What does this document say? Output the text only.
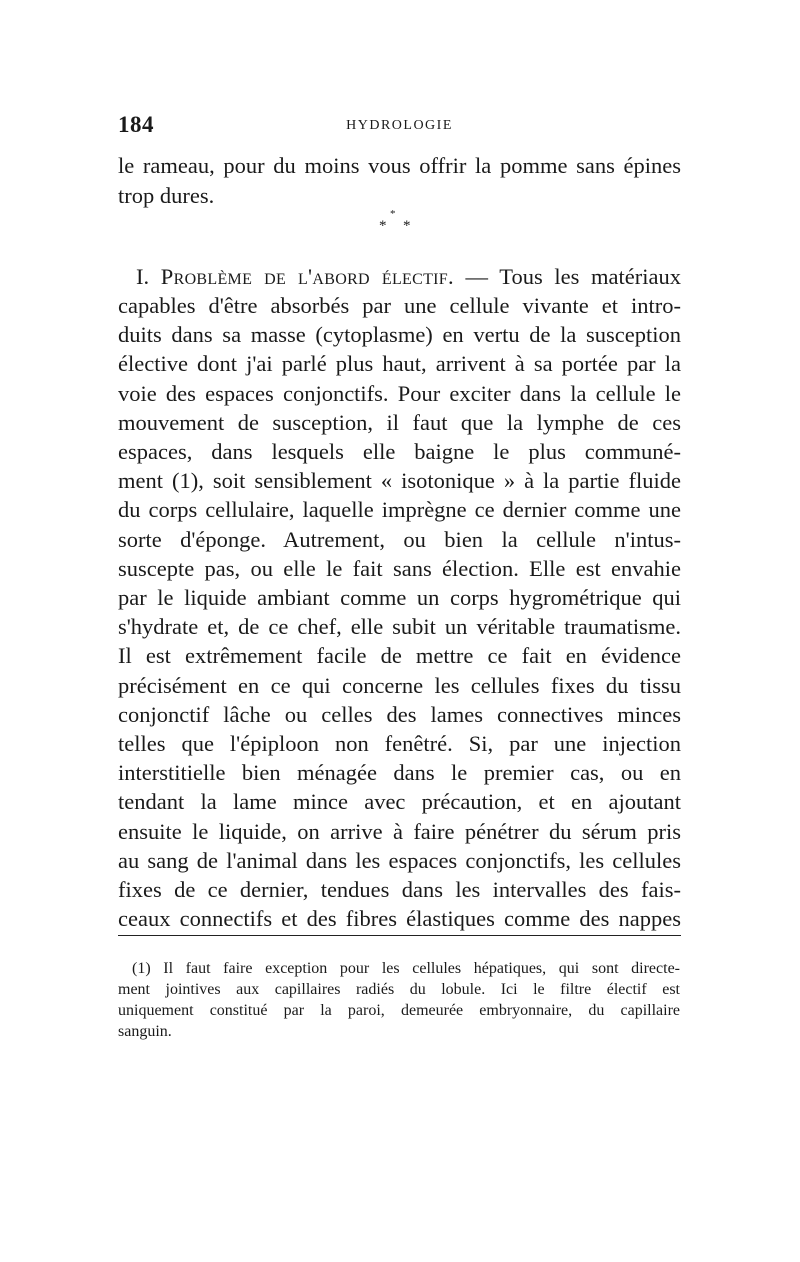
184	HYDROLOGIE
le rameau, pour du moins vous offrir la pomme sans épines
trop dures.
*
* *
I. Problème de l'abord électif. — Tous les matériaux
capables d'être absorbés par une cellule vivante et intro-
duits dans sa masse (cytoplasme) en vertu de la susception
élective dont j'ai parlé plus haut, arrivent à sa portée par la
voie des espaces conjonctifs. Pour exciter dans la cellule le
mouvement de susception, il faut que la lymphe de ces
espaces, dans lesquels elle baigne le plus communé-
ment (1), soit sensiblement « isotonique » à la partie fluide
du corps cellulaire, laquelle imprègne ce dernier comme une
sorte d'éponge. Autrement, ou bien la cellule n'intus-
suscepte pas, ou elle le fait sans élection. Elle est envahie
par le liquide ambiant comme un corps hygrométrique qui
s'hydrate et, de ce chef, elle subit un véritable traumatisme.
Il est extrêmement facile de mettre ce fait en évidence
précisément en ce qui concerne les cellules fixes du tissu
conjonctif lâche ou celles des lames connectives minces
telles que l'épiploon non fenêtré. Si, par une injection
interstitielle bien ménagée dans le premier cas, ou en
tendant la lame mince avec précaution, et en ajoutant
ensuite le liquide, on arrive à faire pénétrer du sérum pris
au sang de l'animal dans les espaces conjonctifs, les cellules
(1) Il faut faire exception pour les cellules hépatiques, qui sont directe-
ment jointives aux capillaires radiés du lobule. Ici le filtre électif est
uniquement constitué par la paroi, demeurée embryonnaire, du capillaire
sanguin.
fixes de ce dernier, tendues dans les intervalles des fais-
ceaux connectifs et des fibres élastiques comme des nappes
